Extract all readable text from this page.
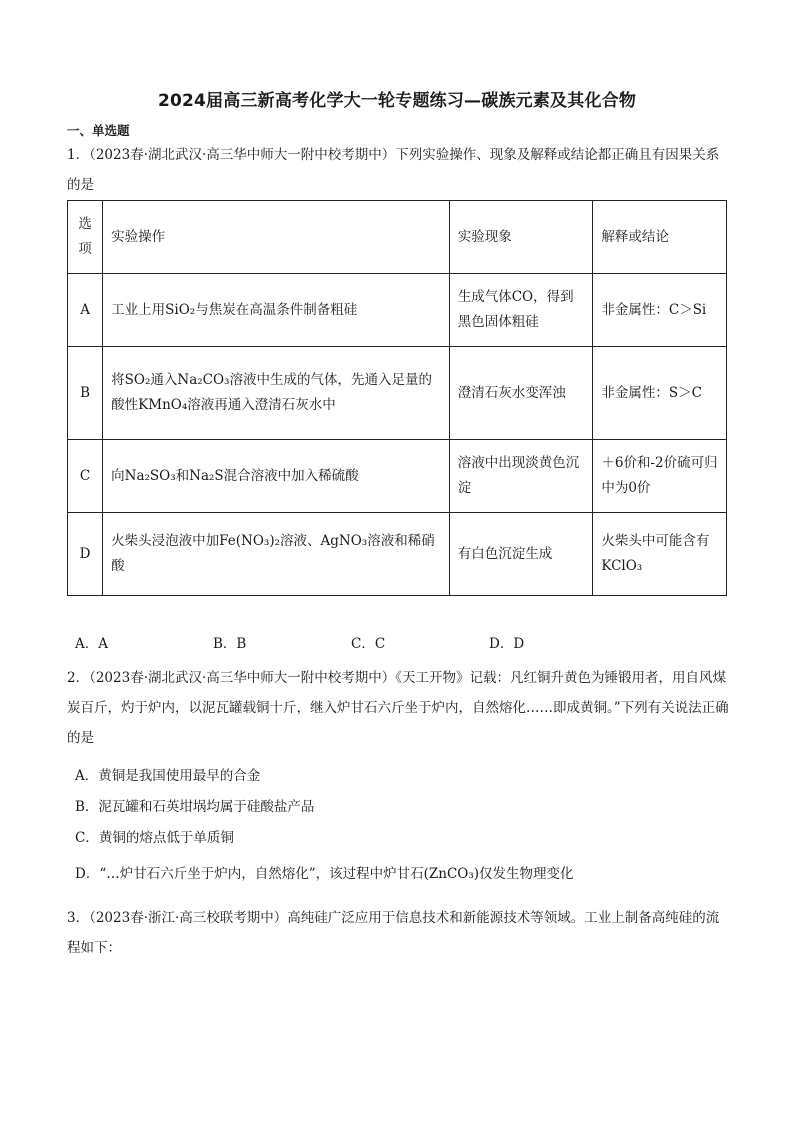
2024届高三新高考化学大一轮专题练习—碳族元素及其化合物
一、单选题
1．（2023春·湖北武汉·高三华中师大一附中校考期中）下列实验操作、现象及解释或结论都正确且有因果关系的是
选项	实验操作	实验现象	解释或结论
A	工业上用SiO₂与焦炭在高温条件制备粗硅	生成气体CO，得到黑色固体粗硅	非金属性：C＞Si
B	将SO₂通入Na₂CO₃溶液中生成的气体，先通入足量的酸性KMnO₄溶液再通入澄清石灰水中	澄清石灰水变浑浊	非金属性：S＞C
C	向Na₂SO₃和Na₂S混合溶液中加入稀硫酸	溶液中出现淡黄色沉淀	＋6价和-2价硫可归中为0价
D	火柴头浸泡液中加Fe(NO₃)₂溶液、AgNO₃溶液和稀硝酸	有白色沉淀生成	火柴头中可能含有KClO₃
A．A	B．B	C．C	D．D
2．（2023春·湖北武汉·高三华中师大一附中校考期中）《天工开物》记载：凡红铜升黄色为锤锻用者，用自风煤炭百斤，灼于炉内，以泥瓦罐载铜十斤，继入炉甘石六斤坐于炉内，自然熔化……即成黄铜。”下列有关说法正确的是
A．黄铜是我国使用最早的合金
B．泥瓦罐和石英坩埚均属于硅酸盐产品
C．黄铜的熔点低于单质铜
D．“…炉甘石六斤坐于炉内，自然熔化”，该过程中炉甘石(ZnCO₃)仅发生物理变化
3．（2023春·浙江·高三校联考期中）高纯硅广泛应用于信息技术和新能源技术等领域。工业上制备高纯硅的流程如下：
